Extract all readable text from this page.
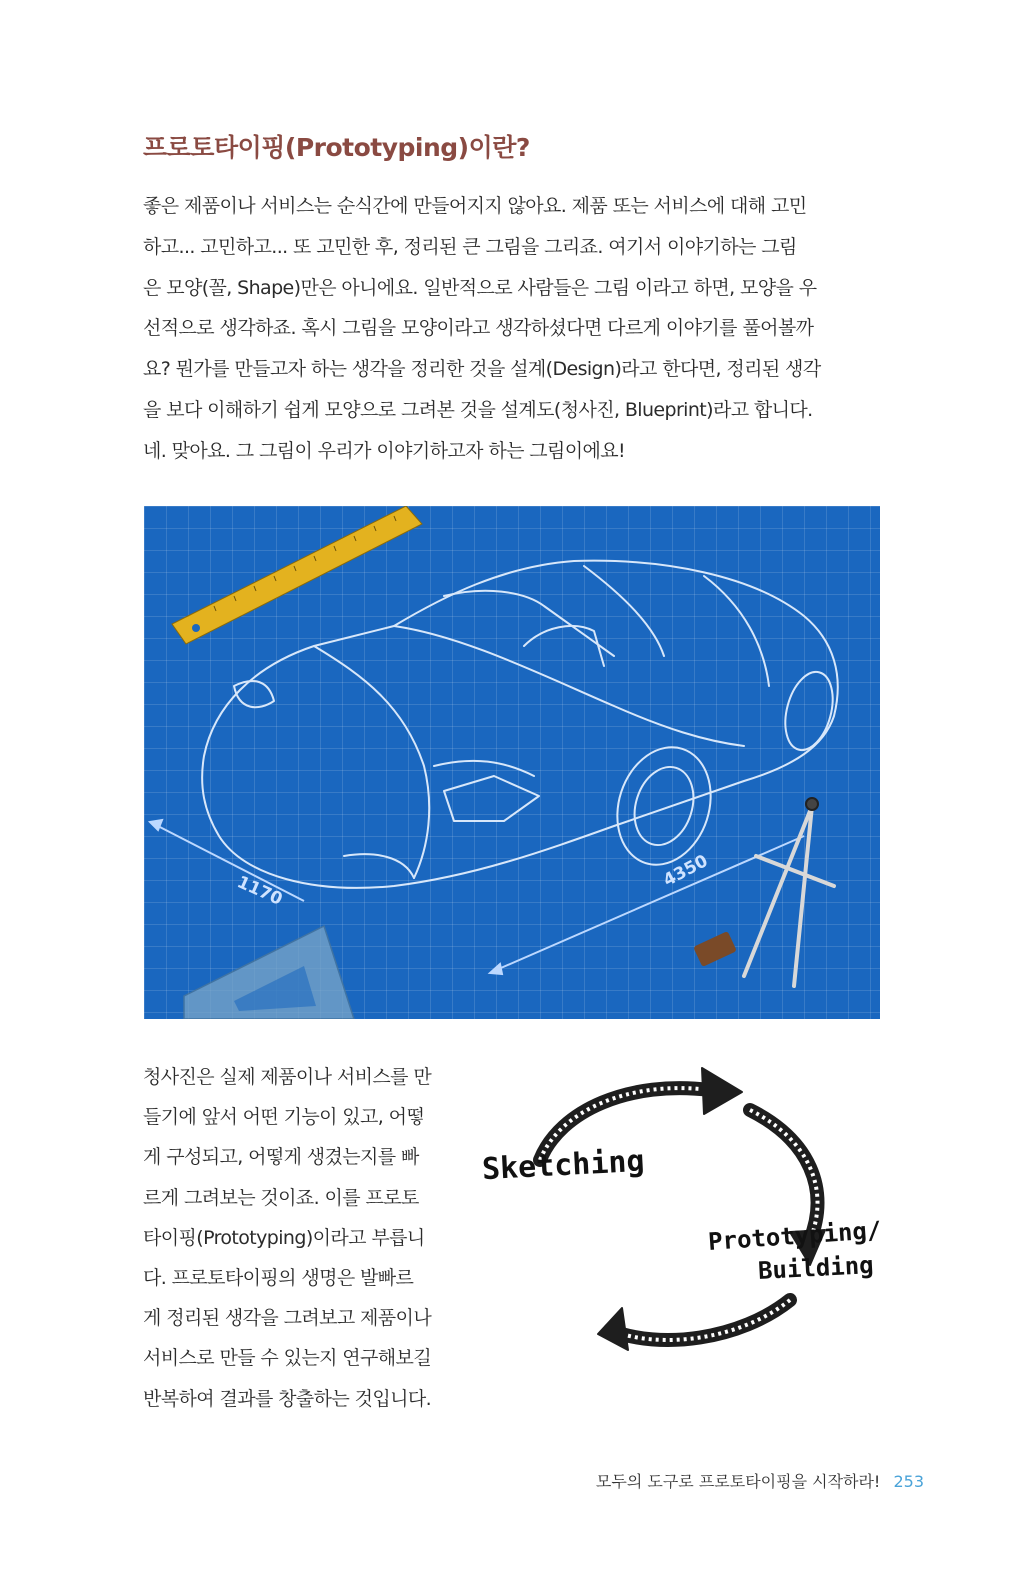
프로토타이핑(Prototyping)이란?
좋은 제품이나 서비스는 순식간에 만들어지지 않아요. 제품 또는 서비스에 대해 고민
하고... 고민하고... 또 고민한 후, 정리된 큰 그림을 그리죠. 여기서 이야기하는 그림
은 모양(꼴, Shape)만은 아니에요. 일반적으로 사람들은 그림 이라고 하면, 모양을 우
선적으로 생각하죠. 혹시 그림을 모양이라고 생각하셨다면 다르게 이야기를 풀어볼까
요? 뭔가를 만들고자 하는 생각을 정리한 것을 설계(Design)라고 한다면, 정리된 생각
을 보다 이해하기 쉽게 모양으로 그려본 것을 설계도(청사진, Blueprint)라고 합니다.
네. 맞아요. 그 그림이 우리가 이야기하고자 하는 그림이에요!
1170
4350
청사진은 실제 제품이나 서비스를 만
들기에 앞서 어떤 기능이 있고, 어떻
게 구성되고, 어떻게 생겼는지를 빠
르게 그려보는 것이죠. 이를 프로토
타이핑(Prototyping)이라고 부릅니
다. 프로토타이핑의 생명은 발빠르
게 정리된 생각을 그려보고 제품이나
서비스로 만들 수 있는지 연구해보길
반복하여 결과를 창출하는 것입니다.
Sketching
Prototyping/
Building
모두의 도구로 프로토타이핑을 시작하라! 253
